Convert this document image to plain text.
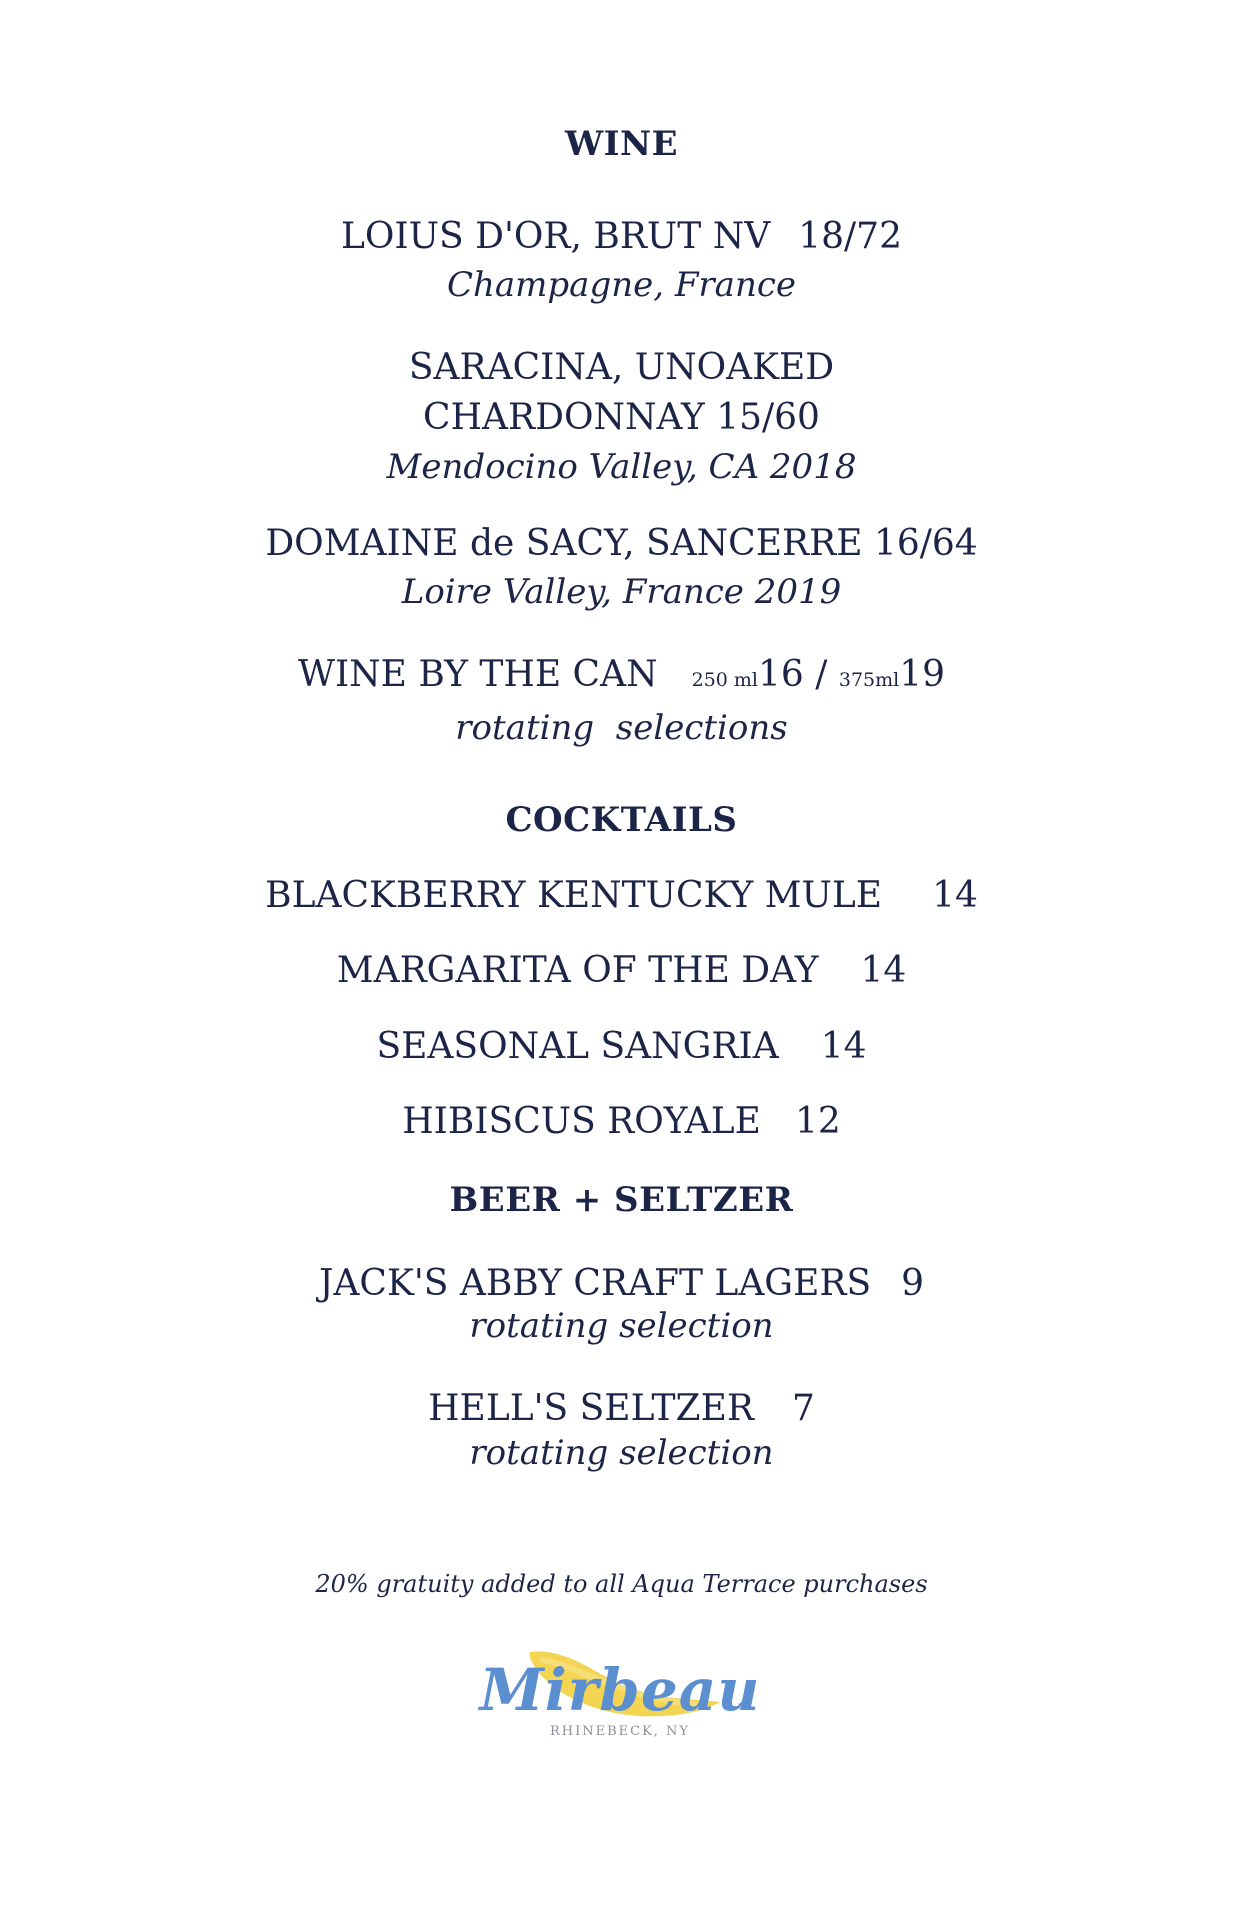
WINE
LOIUS D'OR, BRUT NV 18/72
Champagne, France
SARACINA, UNOAKED
CHARDONNAY 15/60
Mendocino Valley, CA 2018
DOMAINE de SACY, SANCERRE 16/64
Loire Valley, France 2019
WINE BY THE CAN 250 ml16 / 375ml19
rotating  selections
COCKTAILS
BLACKBERRY KENTUCKY MULE 14
MARGARITA OF THE DAY 14
SEASONAL SANGRIA 14
HIBISCUS ROYALE 12
BEER + SELTZER
JACK'S ABBY CRAFT LAGERS 9
rotating selection
HELL'S SELTZER 7
rotating selection
20% gratuity added to all Aqua Terrace purchases
Mirbeau
RHINEBECK, NY
